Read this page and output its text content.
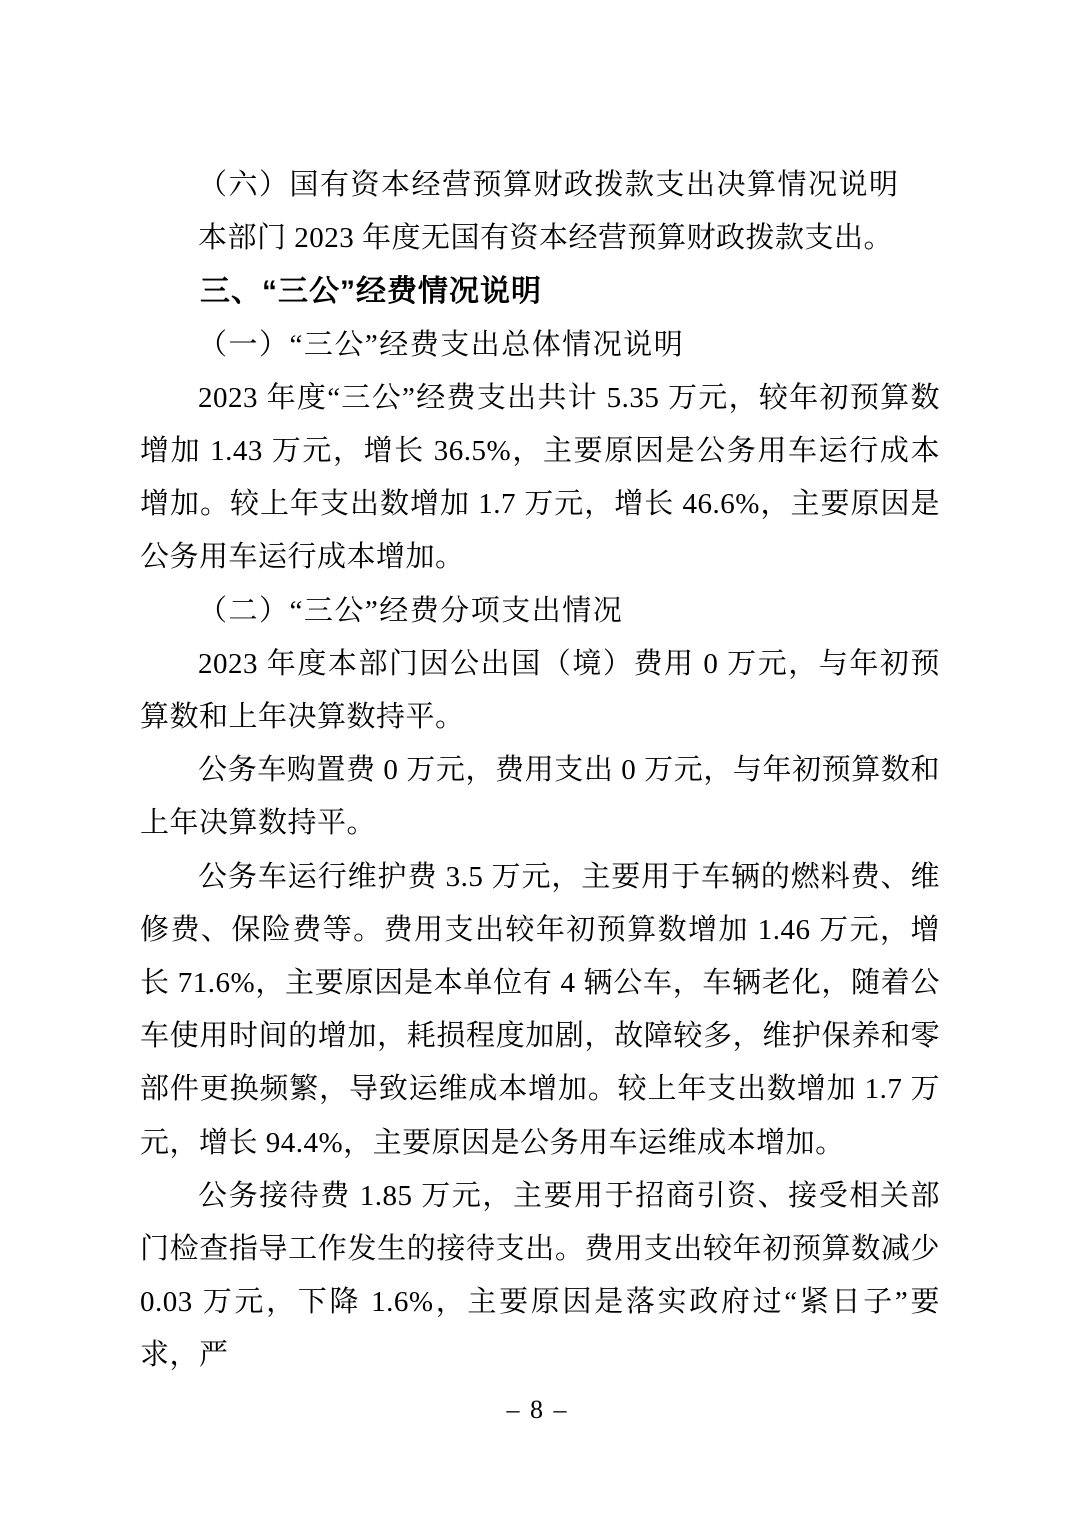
（六）国有资本经营预算财政拨款支出决算情况说明

本部门 2023 年度无国有资本经营预算财政拨款支出。

三、“三公”经费情况说明

（一）“三公”经费支出总体情况说明

2023 年度“三公”经费支出共计 5.35 万元，较年初预算数增加 1.43 万元，增长 36.5%，主要原因是公务用车运行成本增加。较上年支出数增加 1.7 万元，增长 46.6%，主要原因是公务用车运行成本增加。

（二）“三公”经费分项支出情况

2023 年度本部门因公出国（境）费用 0 万元，与年初预算数和上年决算数持平。

公务车购置费 0 万元，费用支出 0 万元，与年初预算数和上年决算数持平。

公务车运行维护费 3.5 万元，主要用于车辆的燃料费、维修费、保险费等。费用支出较年初预算数增加 1.46 万元，增长 71.6%，主要原因是本单位有 4 辆公车，车辆老化，随着公车使用时间的增加，耗损程度加剧，故障较多，维护保养和零部件更换频繁，导致运维成本增加。较上年支出数增加 1.7 万元，增长 94.4%，主要原因是公务用车运维成本增加。

公务接待费 1.85 万元，主要用于招商引资、接受相关部门检查指导工作发生的接待支出。费用支出较年初预算数减少 0.03 万元，下降 1.6%，主要原因是落实政府过“紧日子”要求，严

– 8 –
